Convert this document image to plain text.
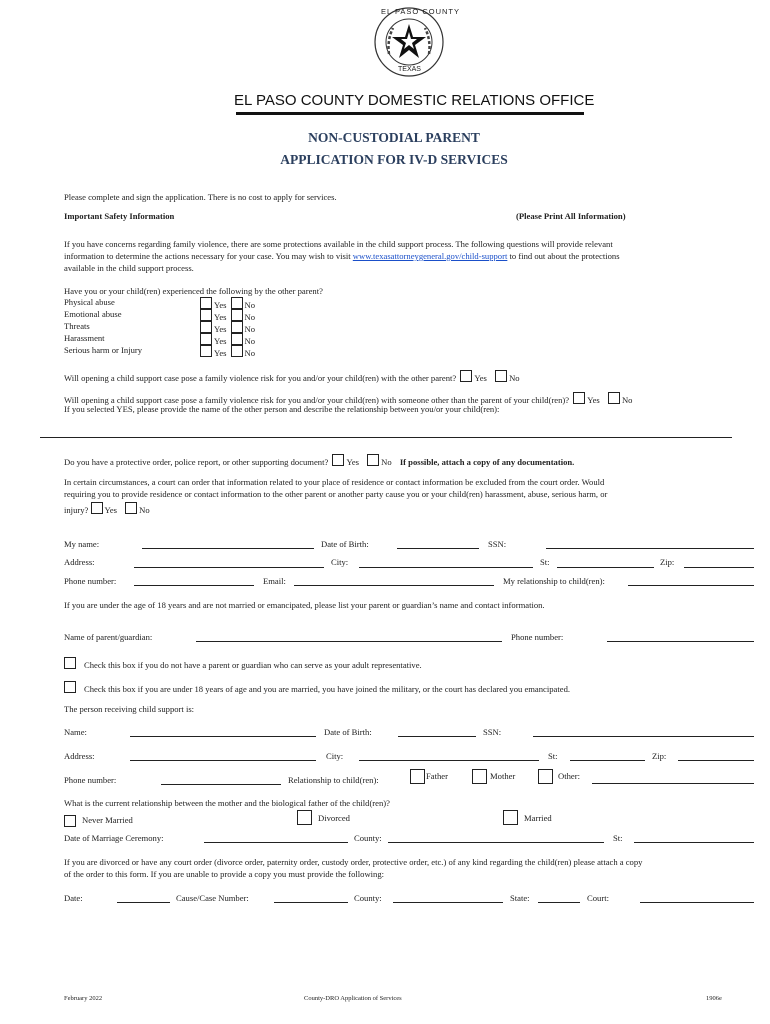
EL PASO COUNTY
TEXAS
EL PASO COUNTY DOMESTIC RELATIONS OFFICE
NON-CUSTODIAL PARENT
APPLICATION FOR IV-D SERVICES
Please complete and sign the application. There is no cost to apply for services.
Important Safety Information	(Please Print All Information)
If you have concerns regarding family violence, there are some protections available in the child support process. The following questions will provide relevant
information to determine the actions necessary for your case. You may wish to visit www.texasattorneygeneral.gov/child-support to find out about the protections
available in the child support process.
Have you or your child(ren) experienced the following by the other parent?
Physical abuse	Yes No
Emotional abuse	Yes No
Threats	Yes No
Harassment	Yes No
Serious harm or Injury	Yes No
Will opening a child support case pose a family violence risk for you and/or your child(ren) with the other parent? Yes	No
Will opening a child support case pose a family violence risk for you and/or your child(ren) with someone other than the parent of your child(ren)? Yes	No
If you selected YES, please provide the name of the other person and describe the relationship between you/or your child(ren):
Do you have a protective order, police report, or other supporting document? Yes	No If possible, attach a copy of any documentation.
In certain circumstances, a court can order that information related to your place of residence or contact information be excluded from the court order. Would
requiring you to provide residence or contact information to the other parent or another party cause you or your child(ren) harassment, abuse, serious harm, or
injury? Yes	No
My name:	Date of Birth:	SSN:
Address:	City:	St:	Zip:
Phone number:	Email:	My relationship to child(ren):
If you are under the age of 18 years and are not married or emancipated, please list your parent or guardian’s name and contact information.
Name of parent/guardian:	Phone number:
Check this box if you do not have a parent or guardian who can serve as your adult representative.
Check this box if you are under 18 years of age and you are married, you have joined the military, or the court has declared you emancipated.
The person receiving child support is:
Name:	Date of Birth:	SSN:
Address:	City:	St:	Zip:
Phone number:	Relationship to child(ren):	Father	Mother	Other:
What is the current relationship between the mother and the biological father of the child(ren)?
Never Married	Divorced	Married
Date of Marriage Ceremony:	County:	St:
If you are divorced or have any court order (divorce order, paternity order, custody order, protective order, etc.) of any kind regarding the child(ren) please attach a copy
of the order to this form. If you are unable to provide a copy you must provide the following:
Date:	Cause/Case Number:	County:	State:	Court:
February 2022	County-DRO Application of Services	1906e
